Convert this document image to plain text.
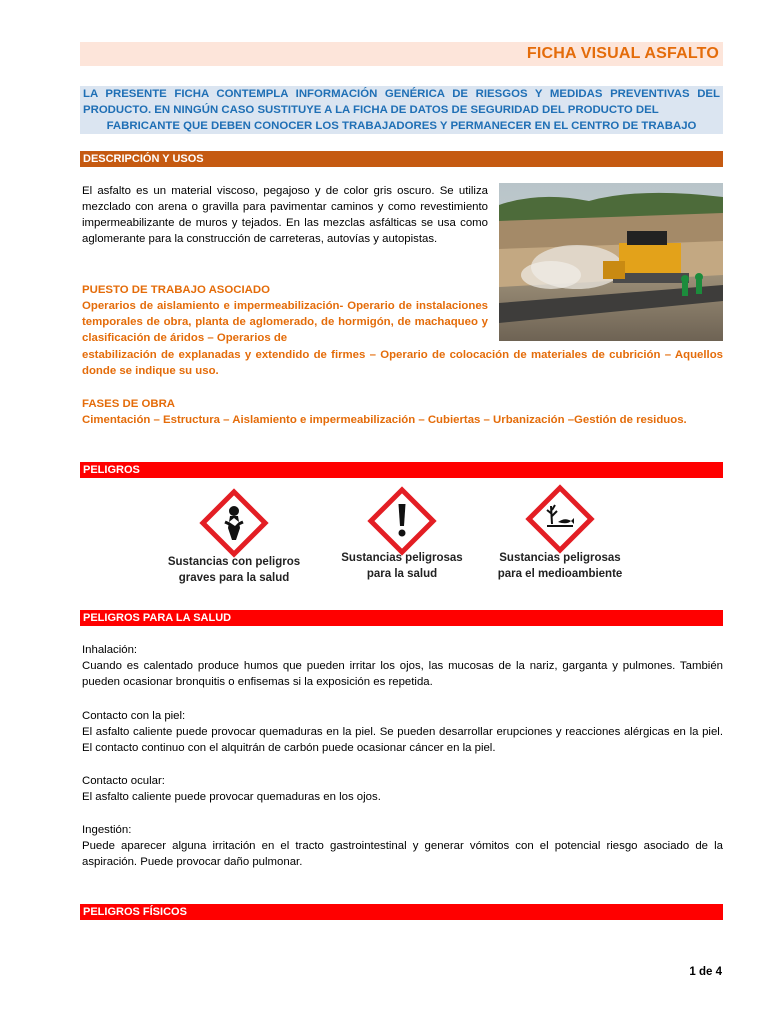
FICHA VISUAL ASFALTO

LA PRESENTE FICHA CONTEMPLA INFORMACIÓN GENÉRICA DE RIESGOS Y MEDIDAS PREVENTIVAS DEL

PRODUCTO. EN NINGÚN CASO SUSTITUYE A LA FICHA DE DATOS DE SEGURIDAD DEL PRODUCTO DEL

FABRICANTE QUE DEBEN CONOCER LOS TRABAJADORES Y PERMANECER EN EL CENTRO DE TRABAJO

DESCRIPCIÓN Y USOS

El asfalto es un material viscoso, pegajoso y de color gris oscuro. Se utiliza mezclado con arena o gravilla para pavimentar caminos y como revestimiento impermeabilizante de muros y tejados. En las mezclas asfálticas se usa como aglomerante para la construcción de carreteras, autovías y autopistas.

PUESTO DE TRABAJO ASOCIADO

Operarios de aislamiento e impermeabilización- Operario de instalaciones temporales de obra, planta de aglomerado, de hormigón, de machaqueo y clasificación de áridos – Operarios de

estabilización de explanadas y extendido de firmes – Operario de colocación de materiales de cubrición – Aquellos donde se indique su uso.

FASES DE OBRA

Cimentación – Estructura – Aislamiento e impermeabilización – Cubiertas – Urbanización –Gestión de residuos.

PELIGROS
Sustancias con peligros
graves para la salud
Sustancias peligrosas
para la salud
Sustancias peligrosas
para el medioambiente
PELIGROS PARA LA SALUD

Inhalación:

Cuando es calentado produce humos que pueden irritar los ojos, las mucosas de la nariz, garganta y pulmones. También pueden ocasionar bronquitis o enfisemas si la exposición es repetida.

Contacto con la piel:

El asfalto caliente puede provocar quemaduras en la piel. Se pueden desarrollar erupciones y reacciones alérgicas en la piel. El contacto continuo con el alquitrán de carbón puede ocasionar cáncer en la piel.

Contacto ocular:

El asfalto caliente puede provocar quemaduras en los ojos.

Ingestión:

Puede aparecer alguna irritación en el tracto gastrointestinal y generar vómitos con el potencial riesgo asociado de la aspiración. Puede provocar daño pulmonar.

PELIGROS FÍSICOS
1 de 4
